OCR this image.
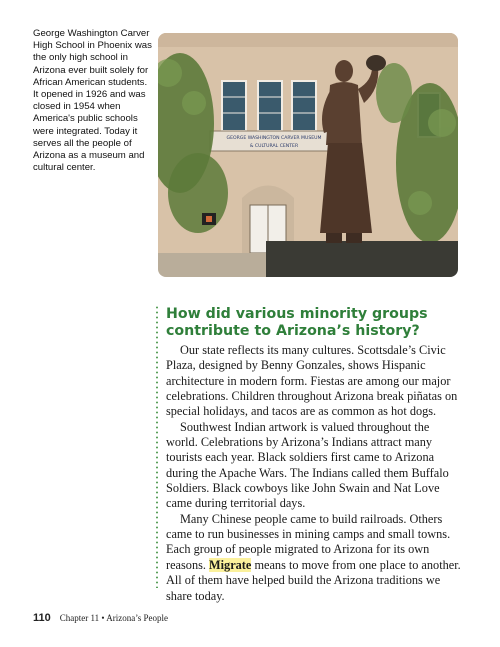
George Washington Carver High School in Phoenix was the only high school in Arizona ever built solely for African American students. It opened in 1926 and was closed in 1954 when America's public schools were integrated. Today it serves all the people of Arizona as a museum and cultural center.
GEORGE WASHINGTON CARVER MUSEUM
& CULTURAL CENTER
How did various minority groups contribute to Arizona’s history?

Our state reflects its many cultures. Scottsdale’s Civic Plaza, designed by Benny Gonzales, shows Hispanic architecture in modern form. Fiestas are among our major celebrations. Children throughout Arizona break piñatas on special holidays, and tacos are as common as hot dogs.

Southwest Indian artwork is valued throughout the world. Celebrations by Arizona’s Indians attract many tourists each year. Black soldiers first came to Arizona during the Apache Wars. The Indians called them Buffalo Soldiers. Black cowboys like John Swain and Nat Love came during territorial days.

Many Chinese people came to build railroads. Others came to run businesses in mining camps and small towns. Each group of people migrated to Arizona for its own reasons. Migrate means to move from one place to another. All of them have helped build the Arizona traditions we share today.

110 Chapter 11 • Arizona’s People
